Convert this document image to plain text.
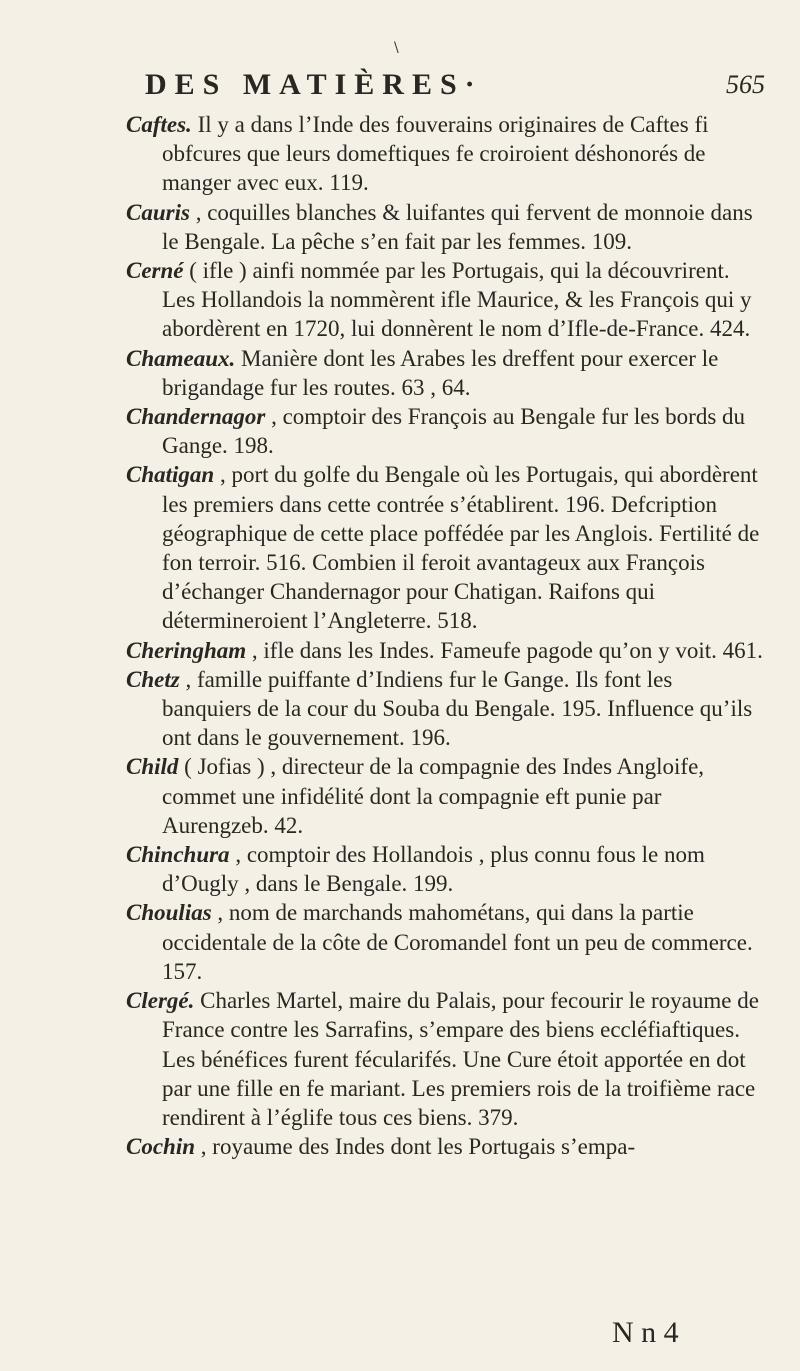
\
DES MATIÈRES·	565

Caftes. Il y a dans l’Inde des fouverains originaires de Caftes fi obfcures que leurs domeftiques fe croiroient déshonorés de manger avec eux. 119.

Cauris , coquilles blanches & luifantes qui fervent de monnoie dans le Bengale. La pêche s’en fait par les femmes. 109.

Cerné ( ifle ) ainfi nommée par les Portugais, qui la découvrirent. Les Hollandois la nommèrent ifle Maurice, & les François qui y abordèrent en 1720, lui donnèrent le nom d’Ifle-de-France. 424.

Chameaux. Manière dont les Arabes les dreffent pour exercer le brigandage fur les routes. 63 , 64.

Chandernagor , comptoir des François au Bengale fur les bords du Gange. 198.

Chatigan , port du golfe du Bengale où les Portugais, qui abordèrent les premiers dans cette contrée s’établirent. 196. Defcription géographique de cette place poffédée par les Anglois. Fertilité de fon terroir. 516. Combien il feroit avantageux aux François d’échanger Chandernagor pour Chatigan. Raifons qui détermineroient l’Angleterre. 518.

Cheringham , ifle dans les Indes. Fameufe pagode qu’on y voit. 461.

Chetz , famille puiffante d’Indiens fur le Gange. Ils font les banquiers de la cour du Souba du Bengale. 195. Influence qu’ils ont dans le gouvernement. 196.

Child ( Jofias ) , directeur de la compagnie des Indes Angloife, commet une infidélité dont la compagnie eft punie par Aurengzeb. 42.

Chinchura , comptoir des Hollandois , plus connu fous le nom d’Ougly , dans le Bengale. 199.

Choulias , nom de marchands mahométans, qui dans la partie occidentale de la côte de Coromandel font un peu de commerce. 157.

Clergé. Charles Martel, maire du Palais, pour fecourir le royaume de France contre les Sarrafins, s’empare des biens eccléfiaftiques. Les bénéfices furent fécularifés. Une Cure étoit apportée en dot par une fille en fe mariant. Les premiers rois de la troifième race rendirent à l’églife tous ces biens. 379.

Cochin , royaume des Indes dont les Portugais s’empa-

N n 4
